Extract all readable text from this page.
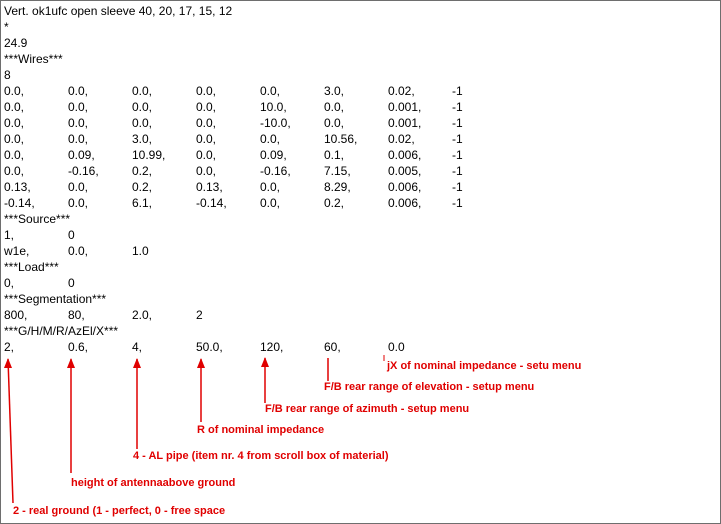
Vert. ok1ufc open sleeve 40, 20, 17, 15, 12
*
24.9
***Wires***
8
0.0,	0.0,	0.0,	0.0,	0.0,	3.0,	0.02,	-1
0.0,	0.0,	0.0,	0.0,	10.0,	0.0,	0.001,	-1
0.0,	0.0,	0.0,	0.0,	-10.0,	0.0,	0.001,	-1
0.0,	0.0,	3.0,	0.0,	0.0,	10.56,	0.02,	-1
0.0,	0.09,	10.99,	0.0,	0.09,	0.1,	0.006,	-1
0.0,	-0.16,	0.2,	0.0,	-0.16,	7.15,	0.005,	-1
0.13,	0.0,	0.2,	0.13,	0.0,	8.29,	0.006,	-1
-0.14,	0.0,	6.1,	-0.14,	0.0,	0.2,	0.006,	-1
***Source***
1,	0
w1e,	0.0,	1.0
***Load***
0,	0
***Segmentation***
800,	80,	2.0,	2
***G/H/M/R/AzEl/X***
2,	0.6,	4,	50.0,	120,	60,	0.0
jX of nominal impedance - setu menu
F/B rear range of elevation - setup menu
F/B rear range of azimuth - setup menu
R of nominal impedance
4 - AL pipe (item nr. 4 from scroll box of material)
height of antennaabove ground
2 - real ground (1 - perfect, 0 - free space
